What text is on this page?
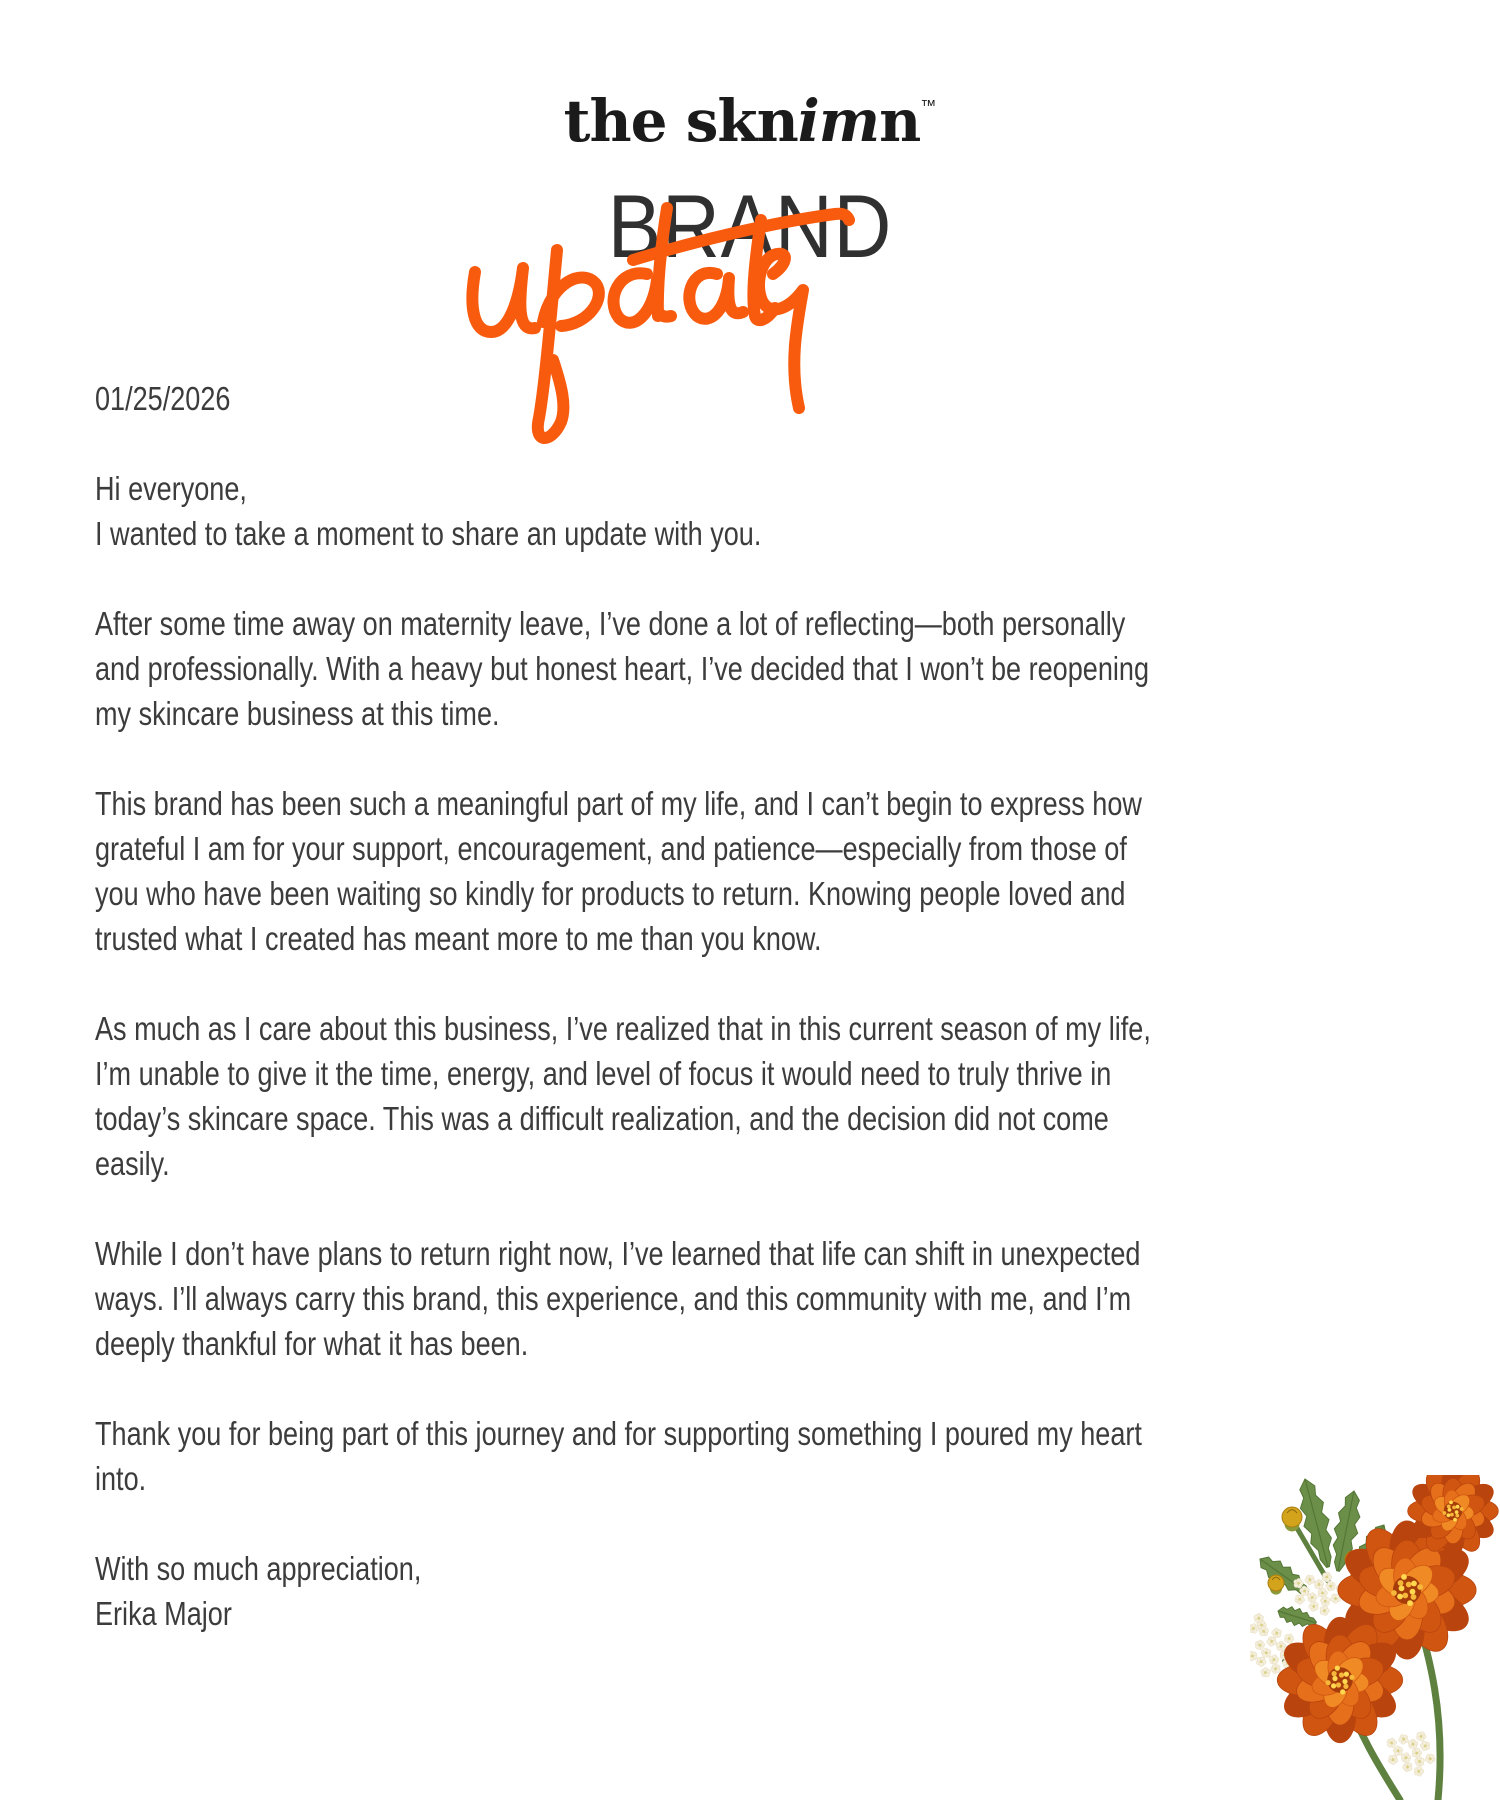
the sknimn™
BRAND
01/25/2026
Hi everyone,
I wanted to take a moment to share an update with you.
After some time away on maternity leave, I’ve done a lot of reflecting—both personally
and professionally. With a heavy but honest heart, I’ve decided that I won’t be reopening
my skincare business at this time.
This brand has been such a meaningful part of my life, and I can’t begin to express how
grateful I am for your support, encouragement, and patience—especially from those of
you who have been waiting so kindly for products to return. Knowing people loved and
trusted what I created has meant more to me than you know.
As much as I care about this business, I’ve realized that in this current season of my life,
I’m unable to give it the time, energy, and level of focus it would need to truly thrive in
today’s skincare space. This was a difficult realization, and the decision did not come
easily.
While I don’t have plans to return right now, I’ve learned that life can shift in unexpected
ways. I’ll always carry this brand, this experience, and this community with me, and I’m
deeply thankful for what it has been.
Thank you for being part of this journey and for supporting something I poured my heart
into.
With so much appreciation,
Erika Major
